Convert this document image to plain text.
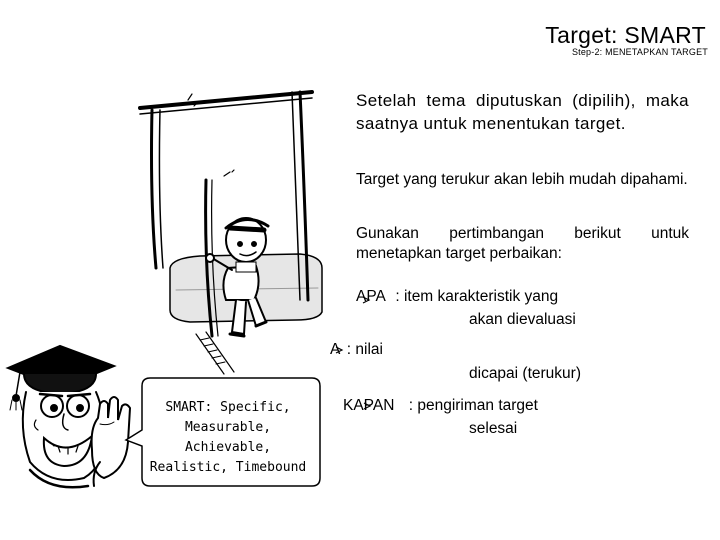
Target: SMART
Step-2: MENETAPKAN TARGET
Setelah tema diputuskan (dipilih), maka saatnya untuk menentukan target.
Target yang terukur akan lebih mudah dipahami.
Gunakan pertimbangan berikut untuk menetapkan target perbaikan:
APA : item karakteristik yang
akan dievaluasi
A : nilai
dicapai (terukur)
KAPAN : pengiriman target
selesai
SMART: Specific, Measurable, Achievable, Realistic, Timebound
